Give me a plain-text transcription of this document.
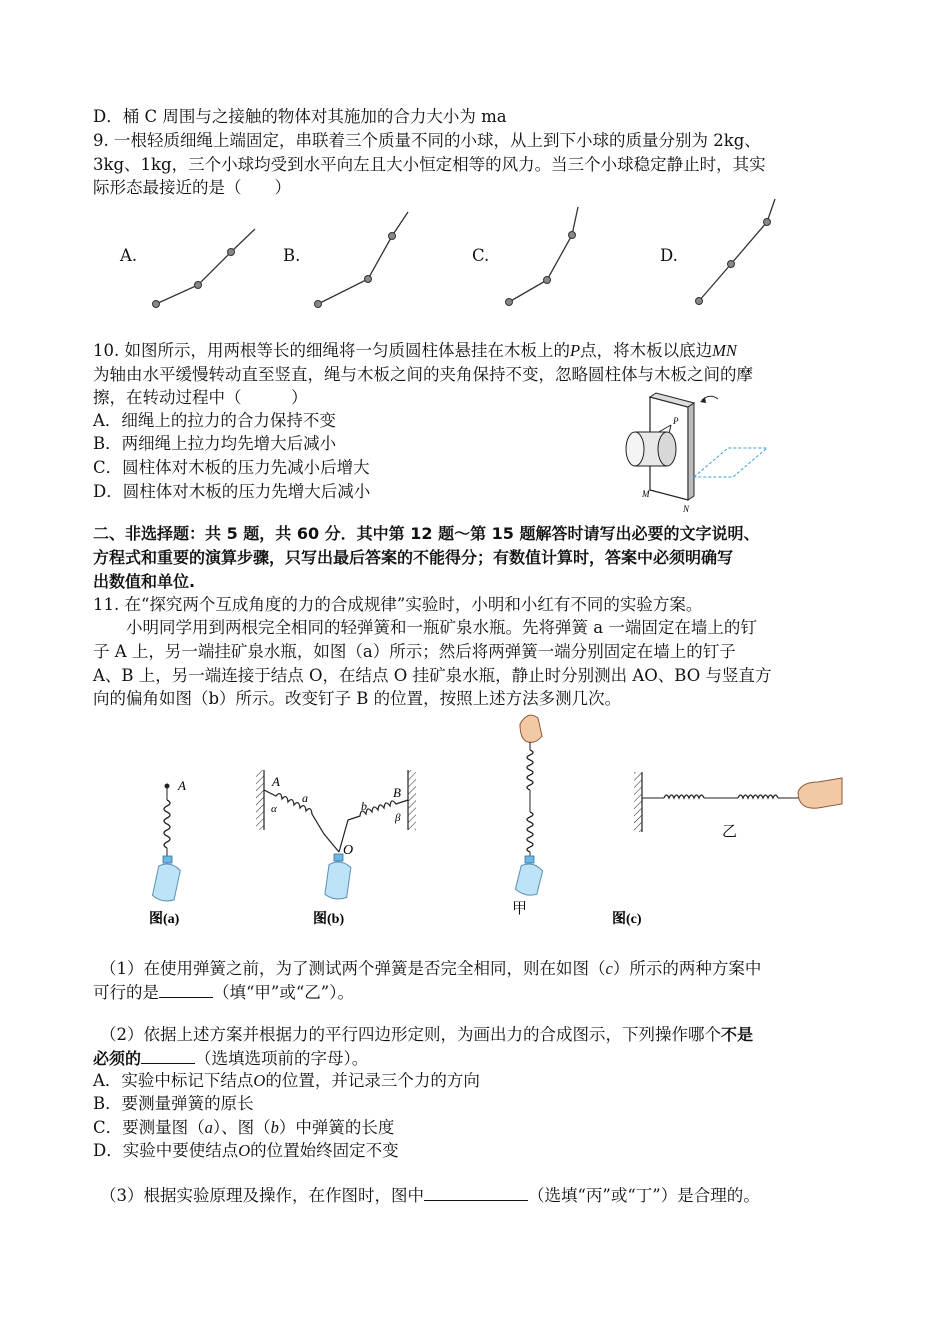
D．桶 C 周围与之接触的物体对其施加的合力大小为 ma
9. 一根轻质细绳上端固定，串联着三个质量不同的小球，从上到下小球的质量分别为 2kg、
3kg、1kg，三个小球均受到水平向左且大小恒定相等的风力。当三个小球稳定静止时，其实
际形态最接近的是（　　）
A.	B.	C.	D.
10. 如图所示，用两根等长的细绳将一匀质圆柱体悬挂在木板上的P点，将木板以底边MN
为轴由水平缓慢转动直至竖直，绳与木板之间的夹角保持不变，忽略圆柱体与木板之间的摩
擦，在转动过程中（　　　）
A．细绳上的拉力的合力保持不变
B．两细绳上拉力均先增大后减小
C．圆柱体对木板的压力先减小后增大
D．圆柱体对木板的压力先增大后减小
P
M
N
二、非选择题：共 5 题，共 60 分．其中第 12 题～第 15 题解答时请写出必要的文字说明、
方程式和重要的演算步骤，只写出最后答案的不能得分；有数值计算时，答案中必须明确写
出数值和单位.
11. 在“探究两个互成角度的力的合成规律”实验时，小明和小红有不同的实验方案。
小明同学用到两根完全相同的轻弹簧和一瓶矿泉水瓶。先将弹簧 a 一端固定在墙上的钉
子 A 上，另一端挂矿泉水瓶，如图（a）所示；然后将两弹簧一端分别固定在墙上的钉子
A、B 上，另一端连接于结点 O，在结点 O 挂矿泉水瓶，静止时分别测出 AO、BO 与竖直方
向的偏角如图（b）所示。改变钉子 B 的位置，按照上述方法多测几次。
A	A
B
O
a
b
α
β
图(a)	图(b)	图(c)
甲
乙
（1）在使用弹簧之前，为了测试两个弹簧是否完全相同，则在如图（c）所示的两种方案中
可行的是	（填“甲”或“乙”）。
（2）依据上述方案并根据力的平行四边形定则，为画出力的合成图示，下列操作哪个不是
必须的	（选填选项前的字母）。
A．实验中标记下结点O的位置，并记录三个力的方向
B．要测量弹簧的原长
C．要测量图（a）、图（b）中弹簧的长度
D．实验中要使结点O的位置始终固定不变
（3）根据实验原理及操作，在作图时，图中	（选填“丙”或“丁”）是合理的。
